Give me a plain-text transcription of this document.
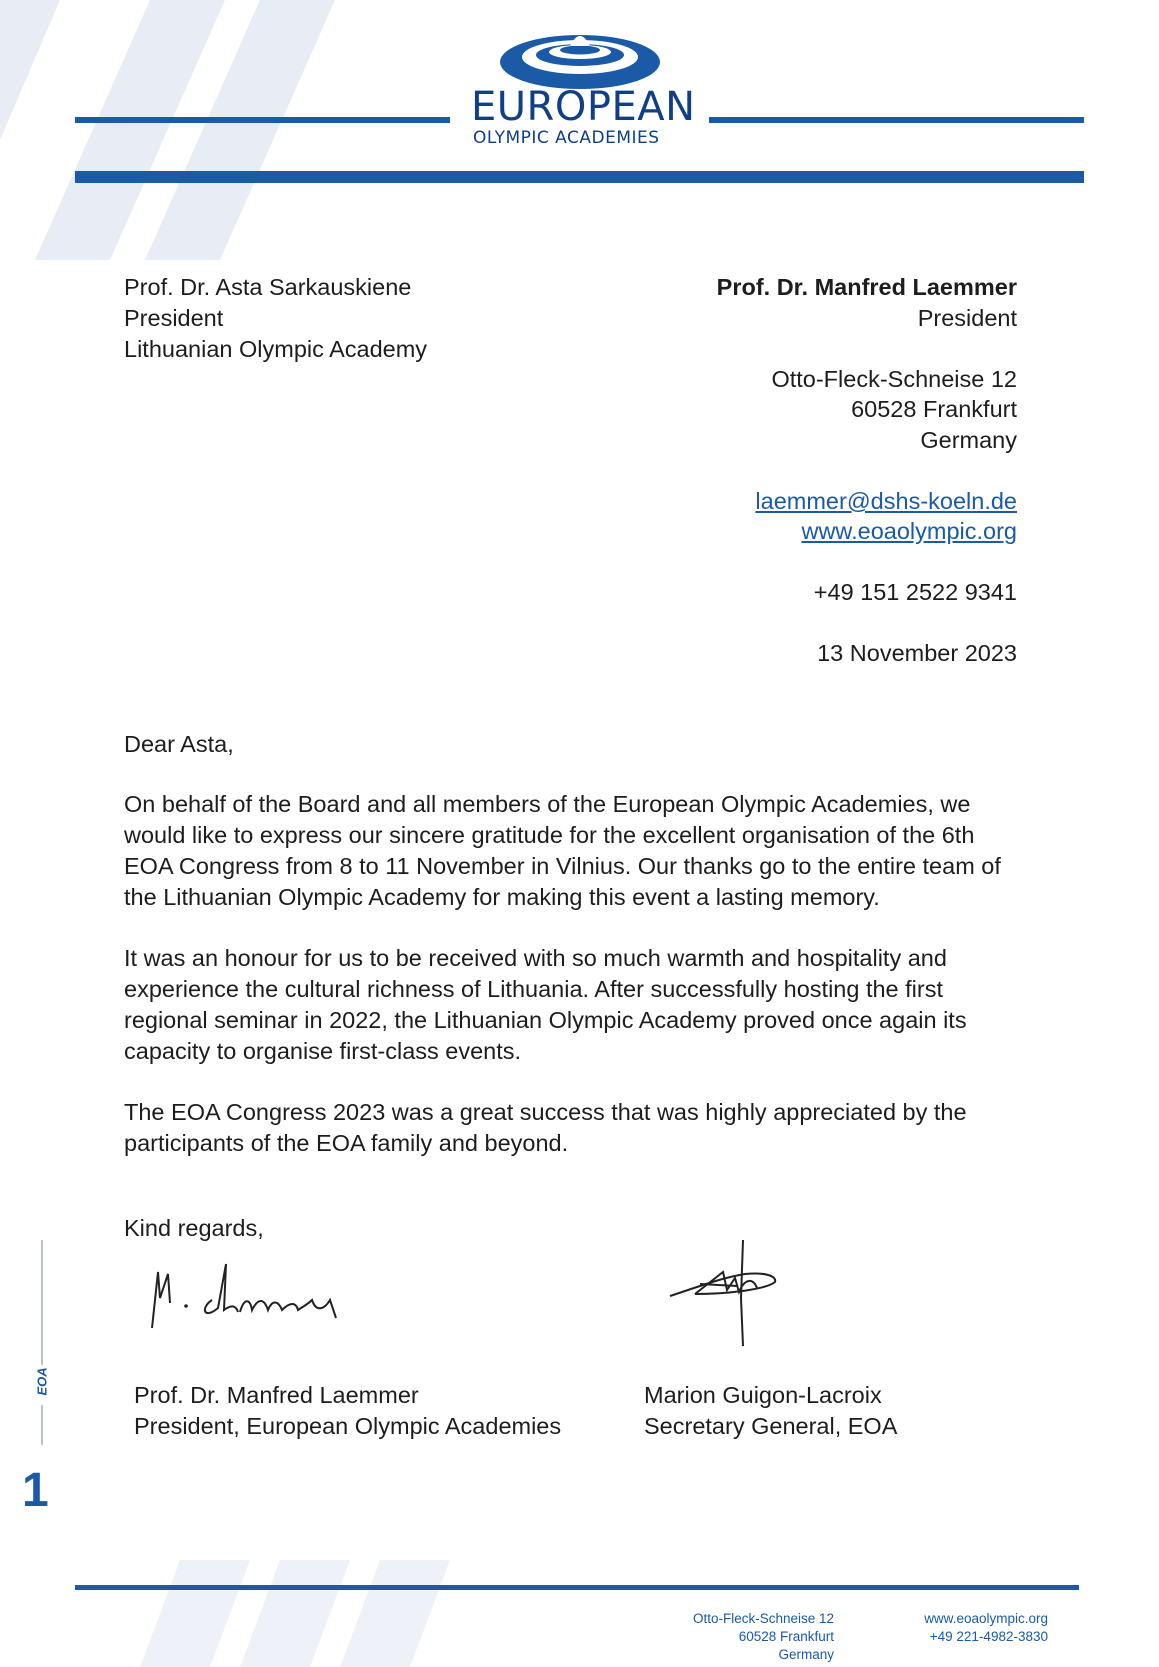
EUROPEAN
OLYMPIC ACADEMIES
Prof. Dr. Asta Sarkauskiene
President
Lithuanian Olympic Academy
Prof. Dr. Manfred Laemmer
President
Otto-Fleck-Schneise 12
60528 Frankfurt
Germany
laemmer@dshs-koeln.de
www.eoaolympic.org
+49 151 2522 9341
13 November 2023
Dear Asta,

On behalf of the Board and all members of the European Olympic Academies, we would like to express our sincere gratitude for the excellent organisation of the 6th EOA Congress from 8 to 11 November in Vilnius. Our thanks go to the entire team of the Lithuanian Olympic Academy for making this event a lasting memory.

It was an honour for us to be received with so much warmth and hospitality and experience the cultural richness of Lithuania. After successfully hosting the first regional seminar in 2022, the Lithuanian Olympic Academy proved once again its capacity to organise first-class events.

The EOA Congress 2023 was a great success that was highly appreciated by the participants of the EOA family and beyond.

Kind regards,
Prof. Dr. Manfred Laemmer
President, European Olympic Academies
Marion Guigon-Lacroix
Secretary General, EOA
EOA
1
Otto-Fleck-Schneise 12
60528 Frankfurt
Germany
www.eoaolympic.org
+49 221-4982-3830
